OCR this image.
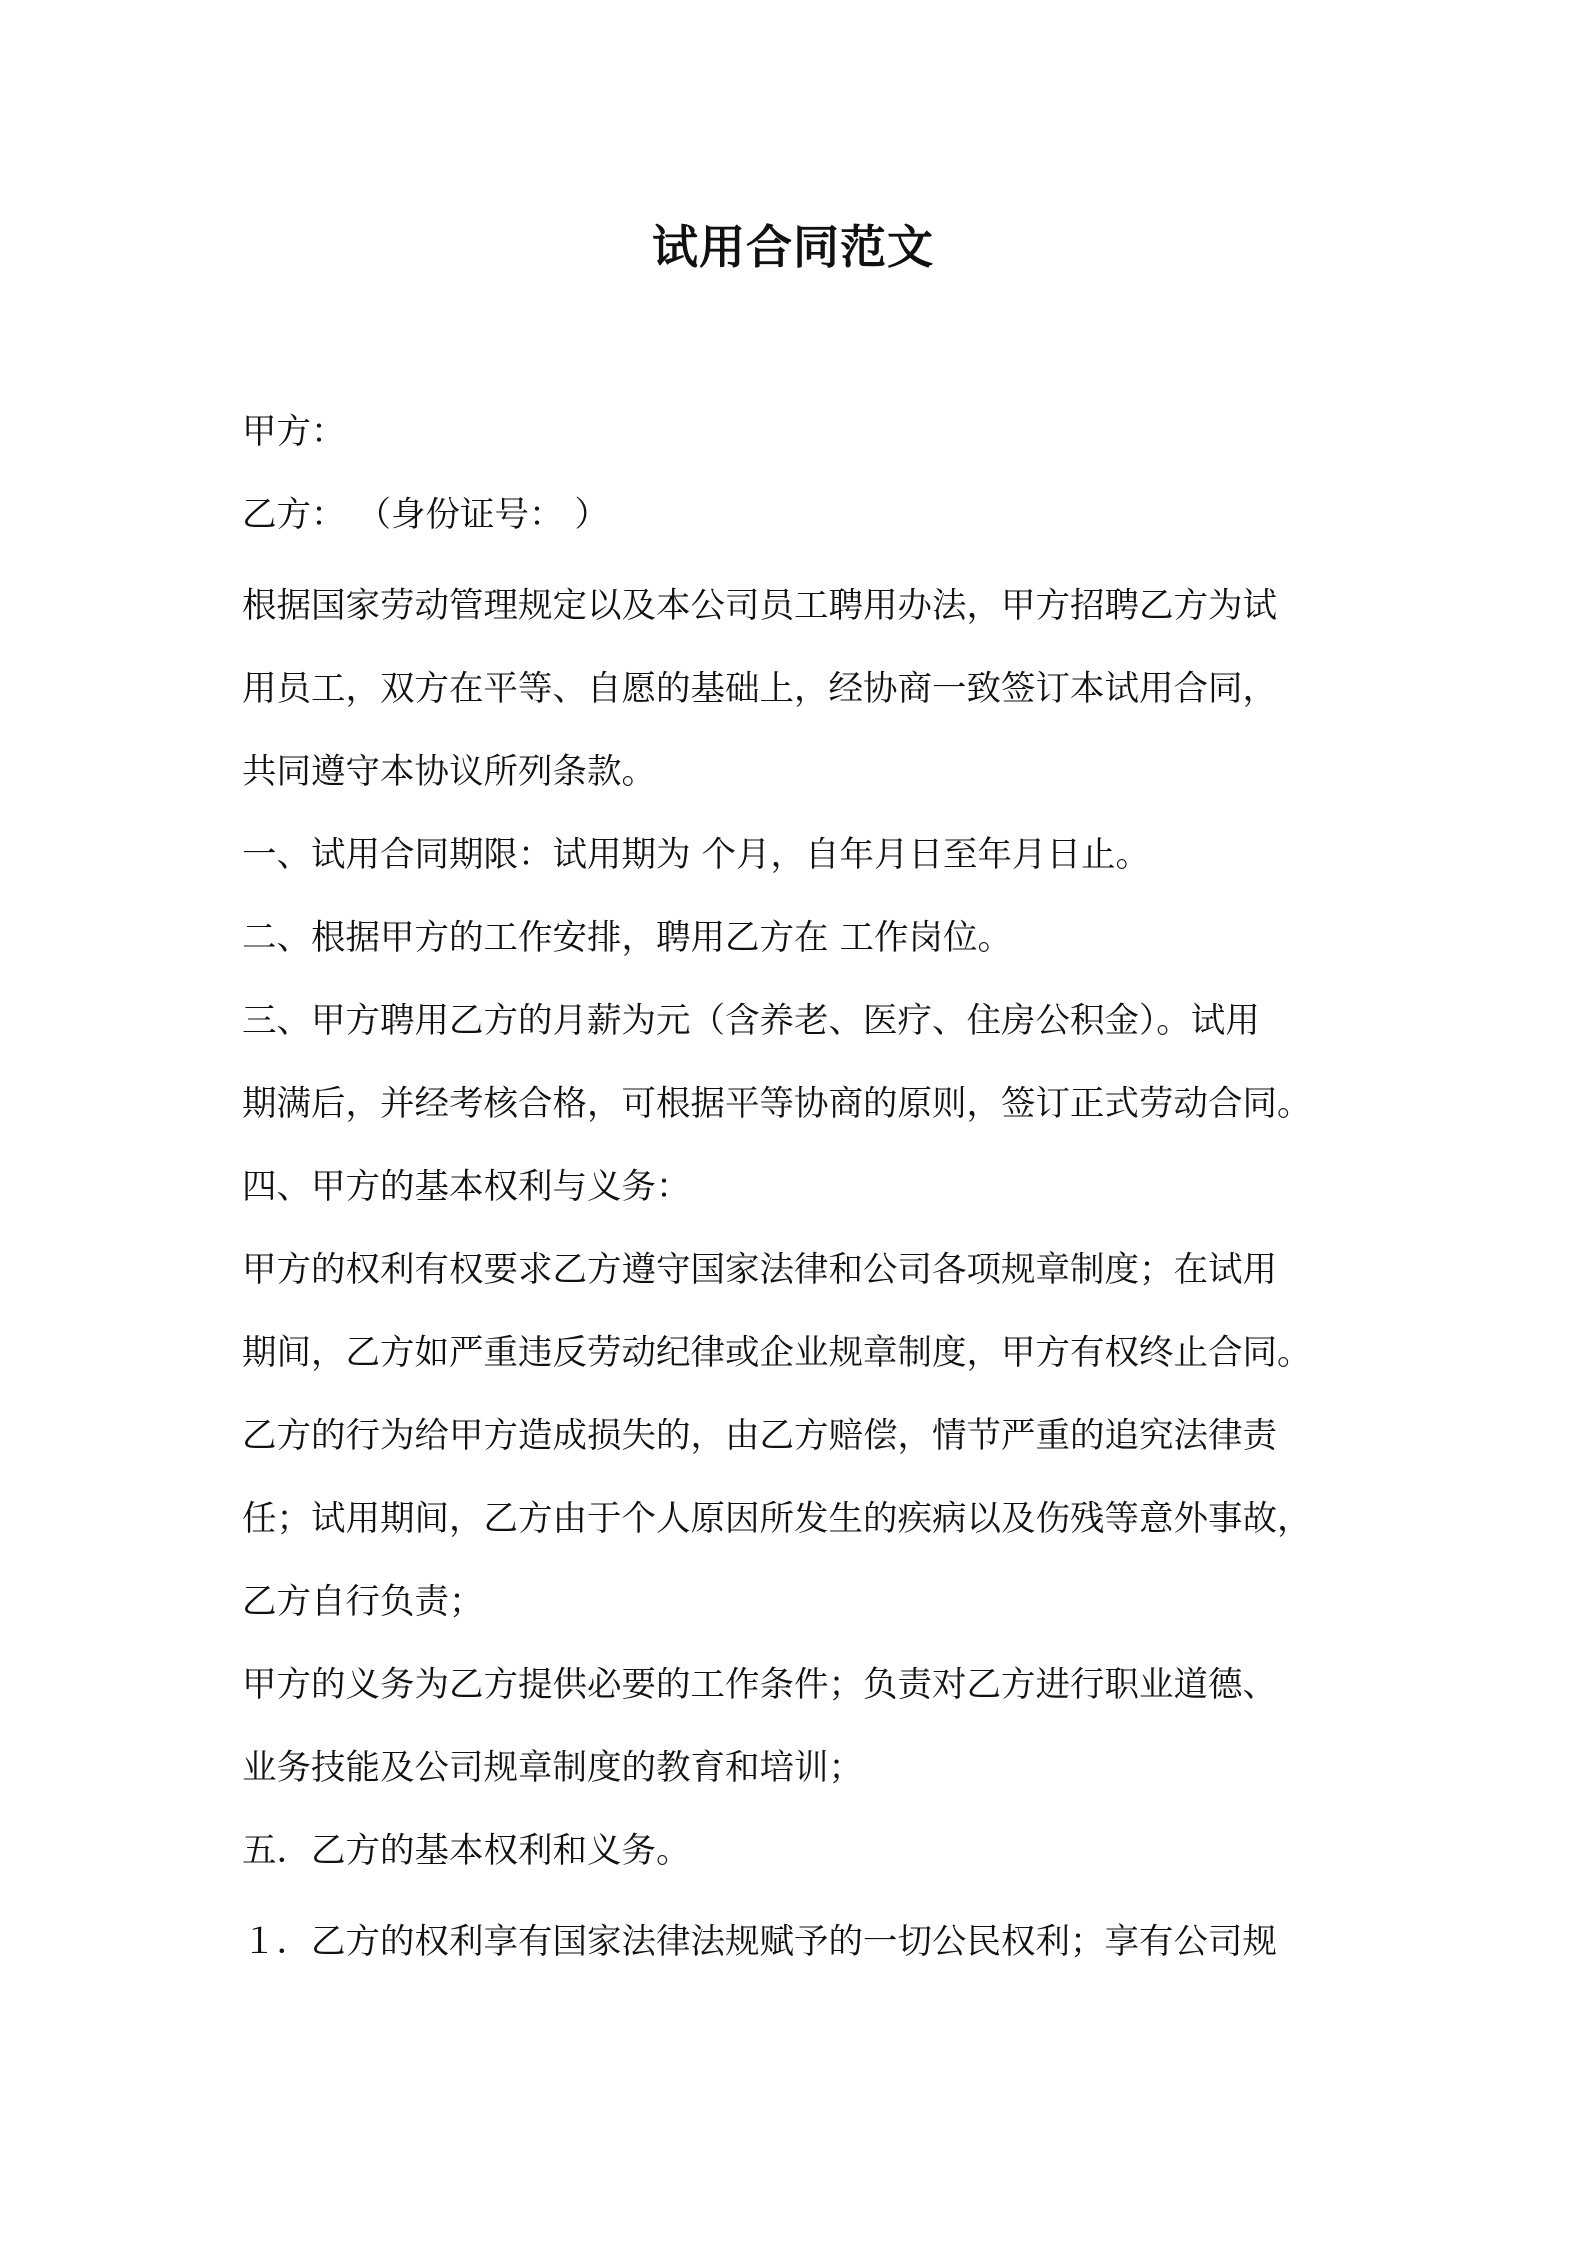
试用合同范文

甲方：

乙方： （身份证号： ）

根据国家劳动管理规定以及本公司员工聘用办法，甲方招聘乙方为试

用员工，双方在平等、自愿的基础上，经协商一致签订本试用合同，

共同遵守本协议所列条款。

一、试用合同期限：试用期为 个月，自年月日至年月日止。

二、根据甲方的工作安排，聘用乙方在 工作岗位。

三、甲方聘用乙方的月薪为元（含养老、医疗、住房公积金）。试用

期满后，并经考核合格，可根据平等协商的原则，签订正式劳动合同。

四、甲方的基本权利与义务：

甲方的权利有权要求乙方遵守国家法律和公司各项规章制度；在试用

期间，乙方如严重违反劳动纪律或企业规章制度，甲方有权终止合同。

乙方的行为给甲方造成损失的，由乙方赔偿，情节严重的追究法律责

任；试用期间，乙方由于个人原因所发生的疾病以及伤残等意外事故，

乙方自行负责；

甲方的义务为乙方提供必要的工作条件；负责对乙方进行职业道德、

业务技能及公司规章制度的教育和培训；

五．乙方的基本权利和义务。

１．乙方的权利享有国家法律法规赋予的一切公民权利；享有公司规
